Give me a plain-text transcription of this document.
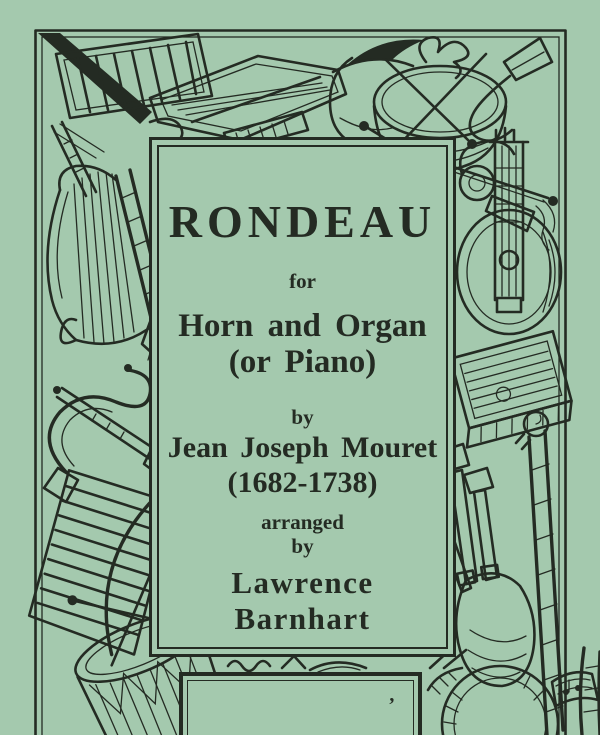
RONDEAU
for
Horn and Organ
(or Piano)
by
Jean Joseph Mouret
(1682-1738)
arranged
by
Lawrence Barnhart
’
